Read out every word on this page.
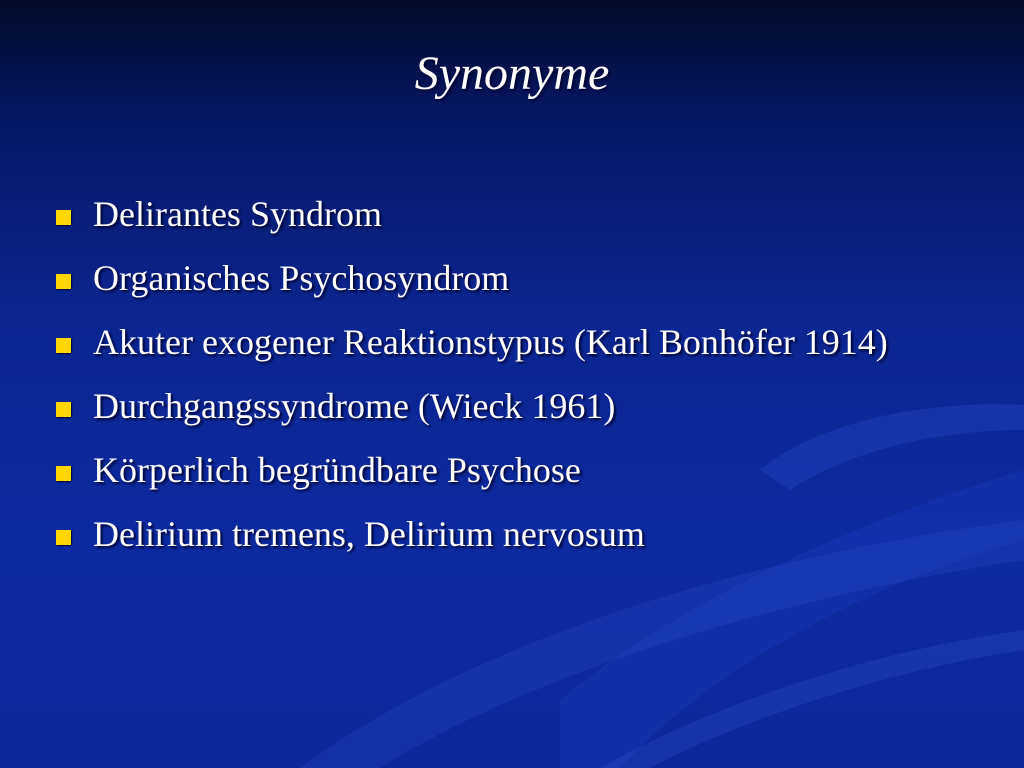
Synonyme
Delirantes Syndrom
Organisches Psychosyndrom
Akuter exogener Reaktionstypus (Karl Bonhöfer 1914)
Durchgangssyndrome (Wieck 1961)
Körperlich begründbare Psychose
Delirium tremens, Delirium nervosum
